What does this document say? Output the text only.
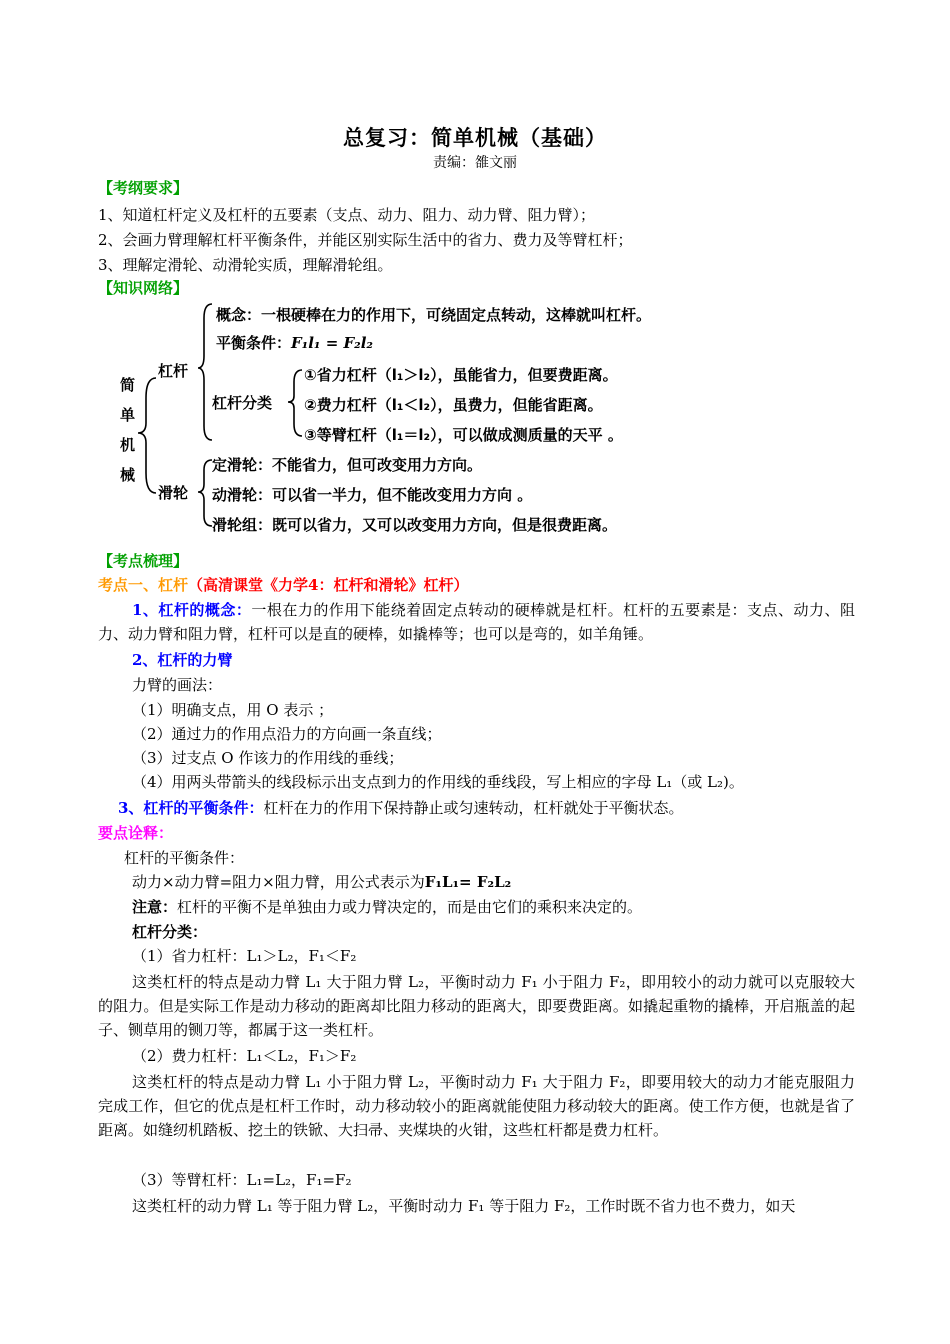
总复习：简单机械（基础）
责编：雒文丽
【考纲要求】
1、知道杠杆定义及杠杆的五要素（支点、动力、阻力、动力臂、阻力臂）；
2、会画力臂理解杠杆平衡条件，并能区别实际生活中的省力、费力及等臂杠杆；
3、理解定滑轮、动滑轮实质，理解滑轮组。
【知识网络】
简
单
机
械
杠杆
概念：一根硬棒在力的作用下，可绕固定点转动，这棒就叫杠杆。
平衡条件：F₁l₁ = F₂l₂
杠杆分类
①省力杠杆（l₁＞l₂），虽能省力，但要费距离。
②费力杠杆（l₁＜l₂），虽费力，但能省距离。
③等臂杠杆（l₁＝l₂），可以做成测质量的天平 。
滑轮
定滑轮：不能省力，但可改变用力方向。
动滑轮：可以省一半力，但不能改变用力方向 。
滑轮组：既可以省力，又可以改变用力方向，但是很费距离。
【考点梳理】
考点一、杠杆（高清课堂《力学4：杠杆和滑轮》杠杆）
1、杠杆的概念：一根在力的作用下能绕着固定点转动的硬棒就是杠杆。杠杆的五要素是：支点、动力、阻力、动力臂和阻力臂，杠杆可以是直的硬棒，如撬棒等；也可以是弯的，如羊角锤。
2、杠杆的力臂
力臂的画法：
（1）明确支点，用 O 表示 ；
（2）通过力的作用点沿力的方向画一条直线；
（3）过支点 O 作该力的作用线的垂线；
（4）用两头带箭头的线段标示出支点到力的作用线的垂线段，写上相应的字母 L₁（或 L₂)。
3、杠杆的平衡条件：杠杆在力的作用下保持静止或匀速转动，杠杆就处于平衡状态。
要点诠释：
杠杆的平衡条件：
动力×动力臂=阻力×阻力臂，用公式表示为F₁L₁= F₂L₂
注意：杠杆的平衡不是单独由力或力臂决定的，而是由它们的乘积来决定的。
杠杆分类：
（1）省力杠杆：L₁＞L₂，F₁＜F₂
这类杠杆的特点是动力臂 L₁ 大于阻力臂 L₂，平衡时动力 F₁ 小于阻力 F₂，即用较小的动力就可以克服较大的阻力。但是实际工作是动力移动的距离却比阻力移动的距离大，即要费距离。如撬起重物的撬棒，开启瓶盖的起子、铡草用的铡刀等，都属于这一类杠杆。
（2）费力杠杆：L₁＜L₂，F₁＞F₂
这类杠杆的特点是动力臂 L₁ 小于阻力臂 L₂，平衡时动力 F₁ 大于阻力 F₂，即要用较大的动力才能克服阻力完成工作，但它的优点是杠杆工作时，动力移动较小的距离就能使阻力移动较大的距离。使工作方便，也就是省了距离。如缝纫机踏板、挖土的铁锨、大扫帚、夹煤块的火钳，这些杠杆都是费力杠杆。
（3）等臂杠杆：L₁=L₂，F₁=F₂
这类杠杆的动力臂 L₁ 等于阻力臂 L₂，平衡时动力 F₁ 等于阻力 F₂，工作时既不省力也不费力，如天
